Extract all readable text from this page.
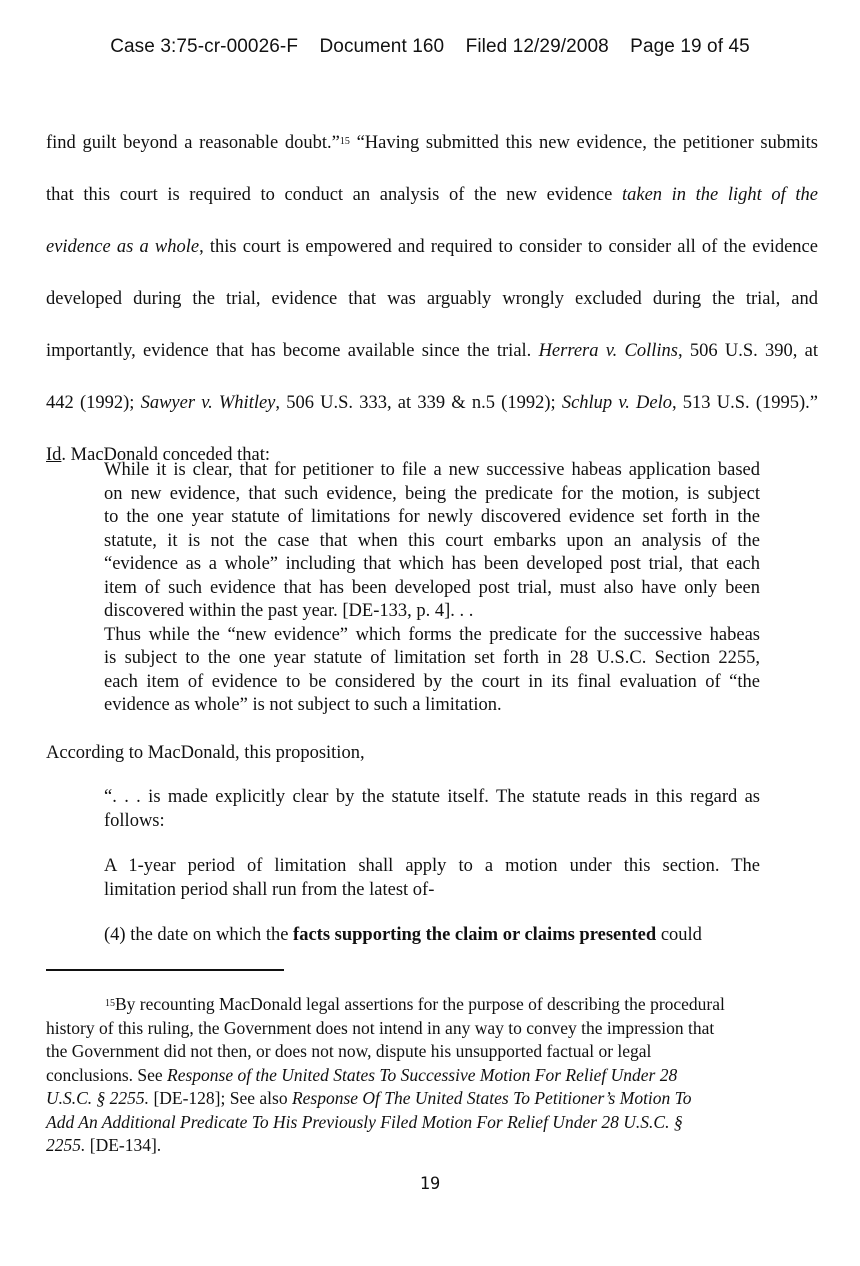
Case 3:75-cr-00026-F Document 160 Filed 12/29/2008 Page 19 of 45
find guilt beyond a reasonable doubt.”$^{15}$ “Having submitted this new evidence, the petitioner submits
that this court is required to conduct an analysis of the new evidence taken in the light of the
evidence as a whole, this court is empowered and required to consider to consider all of the evidence
developed during the trial, evidence that was arguably wrongly excluded during the trial, and
importantly, evidence that has become available since the trial. Herrera v. Collins, 506 U.S. 390, at
442 (1992); Sawyer v. Whitley, 506 U.S. 333, at 339 & n.5 (1992); Schlup v. Delo, 513 U.S. (1995).”
Id. MacDonald conceded that:
While it is clear, that for petitioner to file a new successive habeas application based
on new evidence, that such evidence, being the predicate for the motion, is subject
to the one year statute of limitations for newly discovered evidence set forth in the
statute, it is not the case that when this court embarks upon an analysis of the
“evidence as a whole” including that which has been developed post trial, that each
item of such evidence that has been developed post trial, must also have only been
discovered within the past year. [DE-133, p. 4]. . .
Thus while the “new evidence” which forms the predicate for the successive habeas
is subject to the one year statute of limitation set forth in 28 U.S.C. Section 2255,
each item of evidence to be considered by the court in its final evaluation of “the
evidence as whole” is not subject to such a limitation.
According to MacDonald, this proposition,
“. . . is made explicitly clear by the statute itself. The statute reads in this regard as
follows:
A 1-year period of limitation shall apply to a motion under this section. The
limitation period shall run from the latest of-
(4) the date on which the facts supporting the claim or claims presented could
$^{15}$By recounting MacDonald legal assertions for the purpose of describing the procedural
history of this ruling, the Government does not intend in any way to convey the impression that
the Government did not then, or does not now, dispute his unsupported factual or legal
conclusions. See Response of the United States To Successive Motion For Relief Under 28
U.S.C. § 2255. [DE-128]; See also Response Of The United States To Petitioner’s Motion To
Add An Additional Predicate To His Previously Filed Motion For Relief Under 28 U.S.C. §
2255. [DE-134].
19
